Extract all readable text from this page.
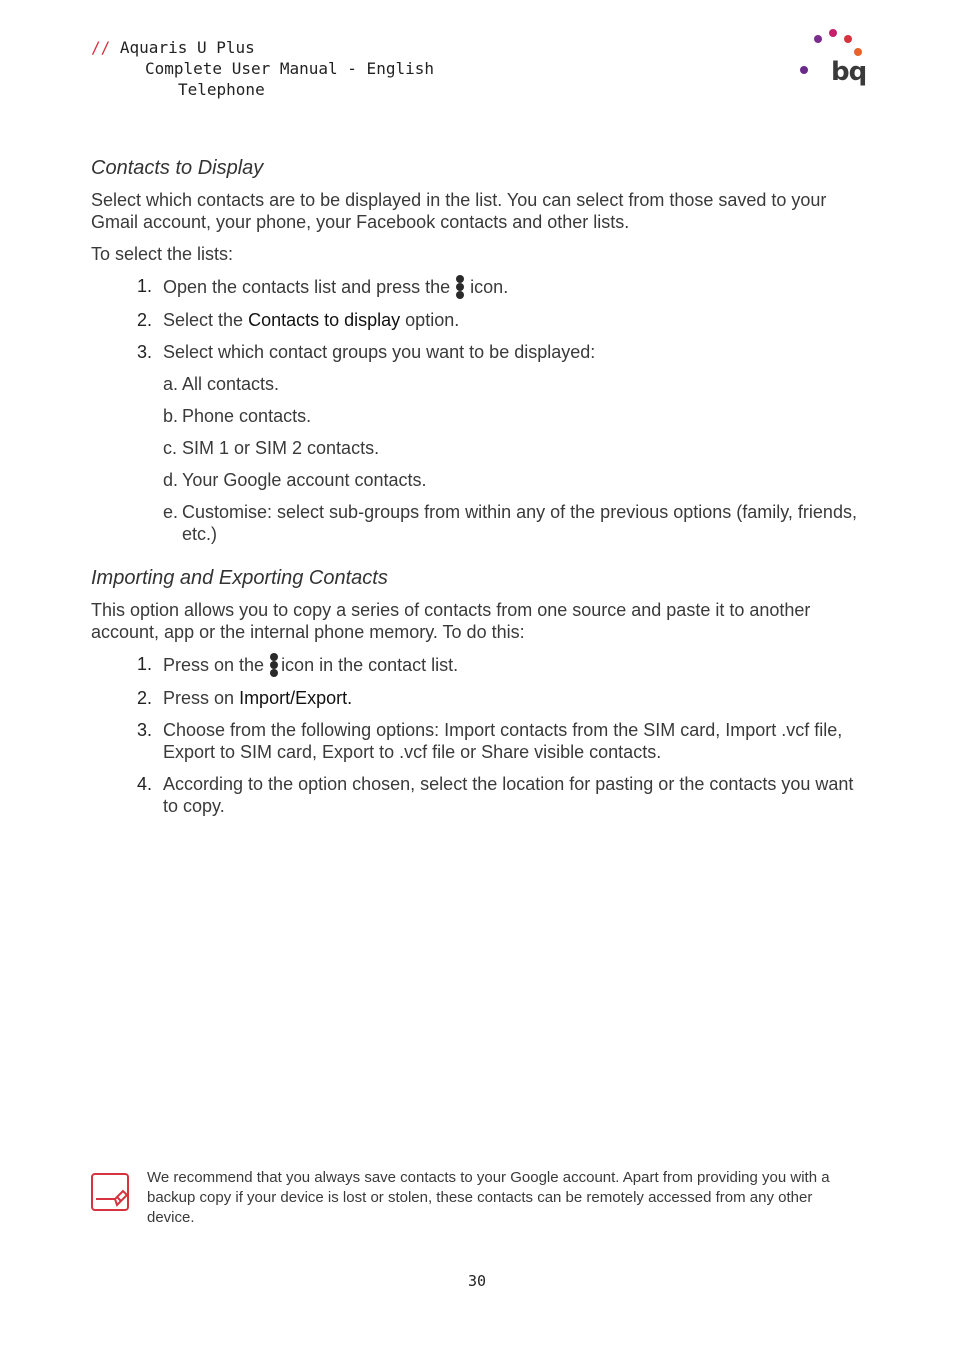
// Aquaris U Plus
Complete User Manual - English
Telephone
bq
Contacts to Display

Select which contacts are to be displayed in the list. You can select from those saved to your Gmail account, your phone, your Facebook contacts and other lists.

To select the lists:

1. Open the contacts list and press the icon.
2. Select the Contacts to display option.
3. Select which contact groups you want to be displayed:
a. All contacts.
b. Phone contacts.
c. SIM 1 or SIM 2 contacts.
d. Your Google account contacts.
e. Customise: select sub-groups from within any of the previous options (family, friends, etc.)
Importing and Exporting Contacts

This option allows you to copy a series of contacts from one source and paste it to another account, app or the internal phone memory. To do this:

1. Press on the icon in the contact list.
2. Press on Import/Export.
3. Choose from the following options: Import contacts from the SIM card, Import .vcf file, Export to SIM card, Export to .vcf file or Share visible contacts.
4. According to the option chosen, select the location for pasting or the contacts you want to copy.
We recommend that you always save contacts to your Google account. Apart from providing you with a backup copy if your device is lost or stolen, these contacts can be remotely accessed from any other device.
30
